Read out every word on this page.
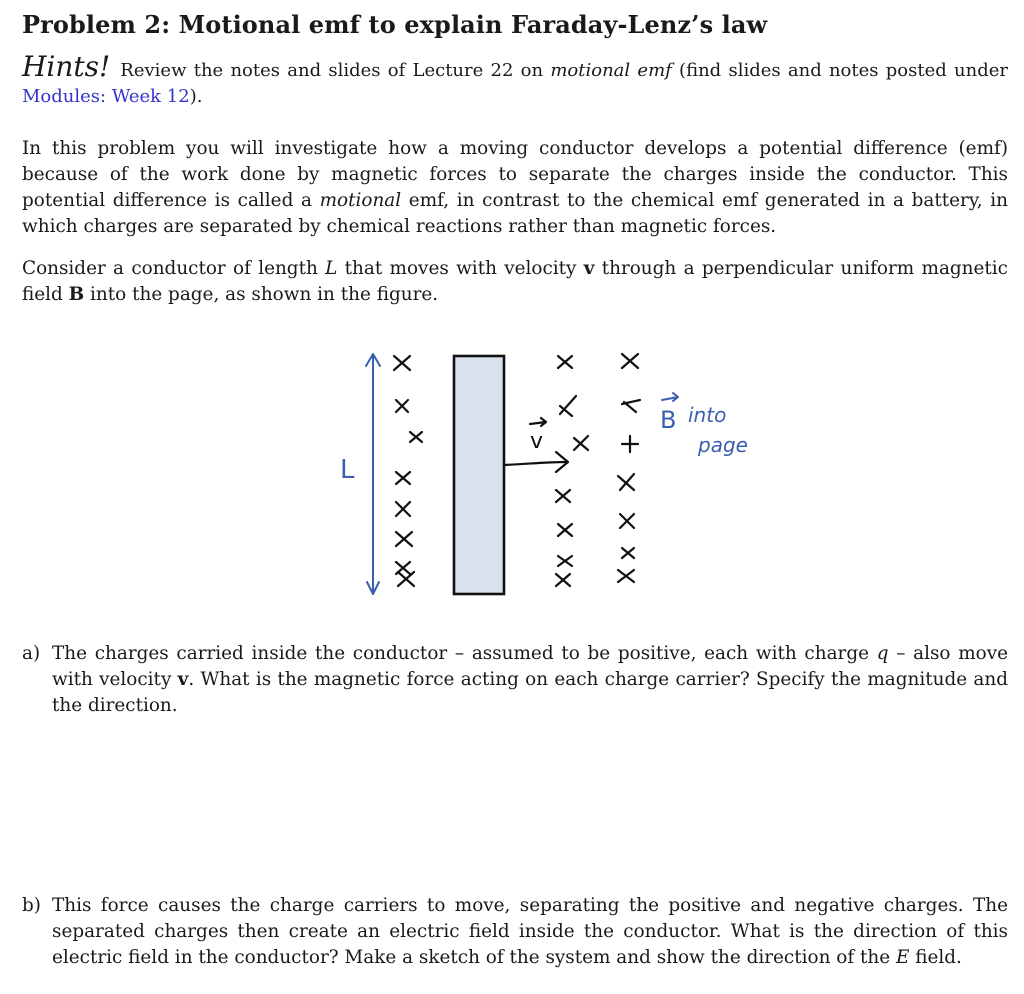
Problem 2: Motional emf to explain Faraday-Lenz’s law
Hints! Review the notes and slides of Lecture 22 on motional emf (find slides and notes posted under Modules: Week 12).
In this problem you will investigate how a moving conductor develops a potential difference (emf) because of the work done by magnetic forces to separate the charges inside the conductor. This potential difference is called a motional emf, in contrast to the chemical emf generated in a battery, in which charges are separated by chemical reactions rather than magnetic forces.
Consider a conductor of length L that moves with velocity v through a perpendicular uniform magnetic field B into the page, as shown in the figure.
L
v
B into
page
a) The charges carried inside the conductor – assumed to be positive, each with charge q – also move with velocity v. What is the magnetic force acting on each charge carrier? Specify the magnitude and the direction.
b) This force causes the charge carriers to move, separating the positive and negative charges. The separated charges then create an electric field inside the conductor. What is the direction of this electric field in the conductor? Make a sketch of the system and show the direction of the E field.
